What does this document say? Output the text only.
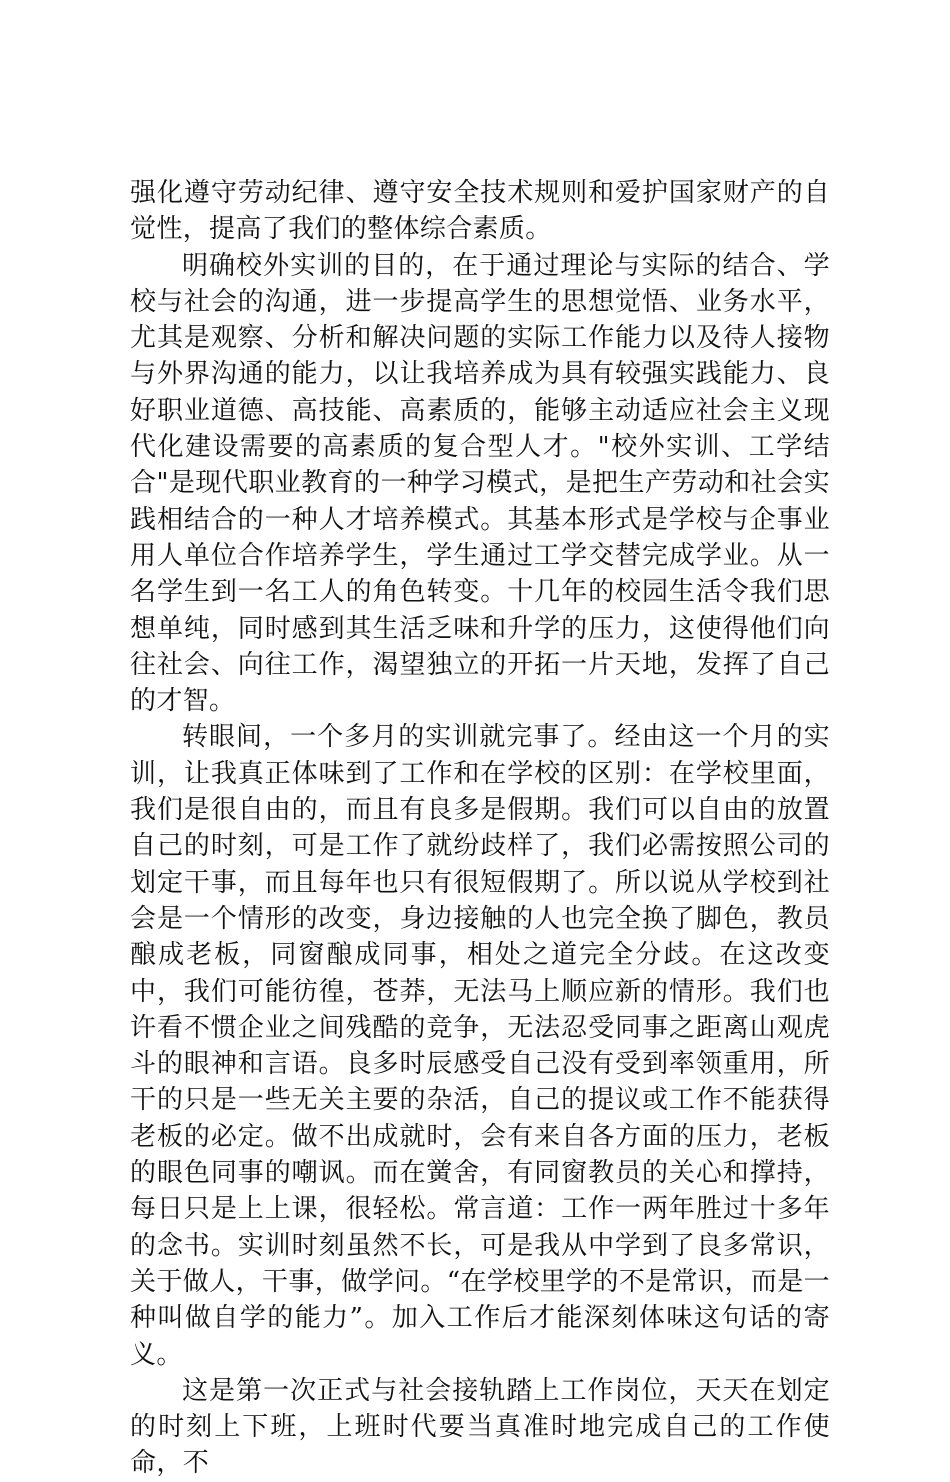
强化遵守劳动纪律、遵守安全技术规则和爱护国家财产的自觉性，提高了我们的整体综合素质。

明确校外实训的目的，在于通过理论与实际的结合、学校与社会的沟通，进一步提高学生的思想觉悟、业务水平，尤其是观察、分析和解决问题的实际工作能力以及待人接物与外界沟通的能力，以让我培养成为具有较强实践能力、良好职业道德、高技能、高素质的，能够主动适应社会主义现代化建设需要的高素质的复合型人才。"校外实训、工学结合"是现代职业教育的一种学习模式，是把生产劳动和社会实践相结合的一种人才培养模式。其基本形式是学校与企事业用人单位合作培养学生，学生通过工学交替完成学业。从一名学生到一名工人的角色转变。十几年的校园生活令我们思想单纯，同时感到其生活乏味和升学的压力，这使得他们向往社会、向往工作，渴望独立的开拓一片天地，发挥了自己的才智。

转眼间，一个多月的实训就完事了。经由这一个月的实训，让我真正体味到了工作和在学校的区别：在学校里面，我们是很自由的，而且有良多是假期。我们可以自由的放置自己的时刻，可是工作了就纷歧样了，我们必需按照公司的划定干事，而且每年也只有很短假期了。所以说从学校到社会是一个情形的改变，身边接触的人也完全换了脚色，教员酿成老板，同窗酿成同事，相处之道完全分歧。在这改变中，我们可能彷徨，苍莽，无法马上顺应新的情形。我们也许看不惯企业之间残酷的竞争，无法忍受同事之距离山观虎斗的眼神和言语。良多时辰感受自己没有受到率领重用，所干的只是一些无关主要的杂活，自己的提议或工作不能获得老板的必定。做不出成就时，会有来自各方面的压力，老板的眼色同事的嘲讽。而在黉舍，有同窗教员的关心和撑持，每日只是上上课，很轻松。常言道：工作一两年胜过十多年的念书。实训时刻虽然不长，可是我从中学到了良多常识，关于做人，干事，做学问。“在学校里学的不是常识，而是一种叫做自学的能力”。加入工作后才能深刻体味这句话的寄义。

这是第一次正式与社会接轨踏上工作岗位，天天在划定的时刻上下班，上班时代要当真准时地完成自己的工作使命，不
